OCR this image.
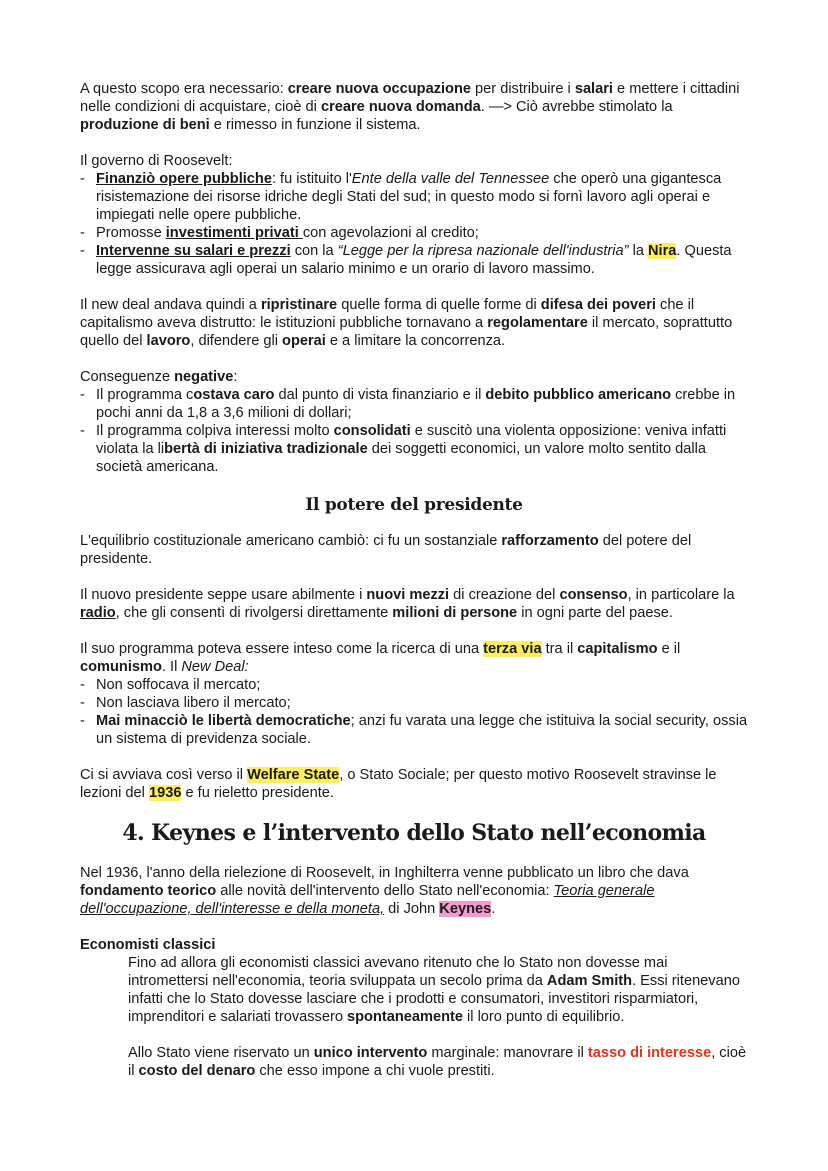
A questo scopo era necessario: creare nuova occupazione per distribuire i salari e mettere i cittadini nelle condizioni di acquistare, cioè di creare nuova domanda. —> Ciò avrebbe stimolato la produzione di beni e rimesso in funzione il sistema.

Il governo di Roosevelt:

- Finanziò opere pubbliche: fu istituito l'Ente della valle del Tennessee che operò una gigantesca risistemazione dei risorse idriche degli Stati del sud; in questo modo si fornì lavoro agli operai e impiegati nelle opere pubbliche.
- Promosse investimenti privati con agevolazioni al credito;
- Intervenne su salari e prezzi con la “Legge per la ripresa nazionale dell'industria” la Nira. Questa legge assicurava agli operai un salario minimo e un orario di lavoro massimo.

Il new deal andava quindi a ripristinare quelle forma di quelle forme di difesa dei poveri che il capitalismo aveva distrutto: le istituzioni pubbliche tornavano a regolamentare il mercato, soprattutto quello del lavoro, difendere gli operai e a limitare la concorrenza.

Conseguenze negative:

- Il programma costava caro dal punto di vista finanziario e il debito pubblico americano crebbe in pochi anni da 1,8 a 3,6 milioni di dollari;
- Il programma colpiva interessi molto consolidati e suscitò una violenta opposizione: veniva infatti violata la libertà di iniziativa tradizionale dei soggetti economici, un valore molto sentito dalla società americana.
Il potere del presidente

L'equilibrio costituzionale americano cambiò: ci fu un sostanziale rafforzamento del potere del presidente.

Il nuovo presidente seppe usare abilmente i nuovi mezzi di creazione del consenso, in particolare la radio, che gli consentì di rivolgersi direttamente milioni di persone in ogni parte del paese.

Il suo programma poteva essere inteso come la ricerca di una terza via tra il capitalismo e il comunismo. Il New Deal:

- Non soffocava il mercato;
- Non lasciava libero il mercato;
- Mai minacciò le libertà democratiche; anzi fu varata una legge che istituiva la social security, ossia un sistema di previdenza sociale.

Ci si avviava così verso il Welfare State, o Stato Sociale; per questo motivo Roosevelt stravinse le lezioni del 1936 e fu rieletto presidente.

4. Keynes e l’intervento dello Stato nell’economia

Nel 1936, l'anno della rielezione di Roosevelt, in Inghilterra venne pubblicato un libro che dava fondamento teorico alle novità dell'intervento dello Stato nell'economia: Teoria generale dell'occupazione, dell'interesse e della moneta, di John Keynes.

Economisti classici

Fino ad allora gli economisti classici avevano ritenuto che lo Stato non dovesse mai intromettersi nell'economia, teoria sviluppata un secolo prima da Adam Smith. Essi ritenevano infatti che lo Stato dovesse lasciare che i prodotti e consumatori, investitori risparmiatori, imprenditori e salariati trovassero spontaneamente il loro punto di equilibrio.

Allo Stato viene riservato un unico intervento marginale: manovrare il tasso di interesse, cioè il costo del denaro che esso impone a chi vuole prestiti.
